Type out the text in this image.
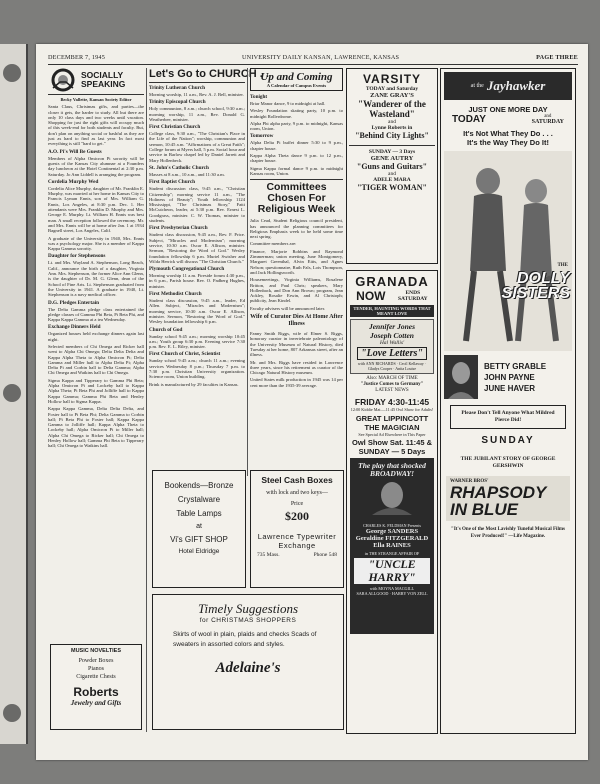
DECEMBER 7, 1945	UNIVERSITY DAILY KANSAN, LAWRENCE, KANSAS	PAGE THREE
SOCIALLY
SPEAKING
Becky Vallette, Kansan Society Editor

Santa Claus, Christmas gifts, and parties—the closer it gets, the harder to study. All but there are only 10 class days and two weeks until vacation. Shopping for just the right gifts will occupy much of this week-end for both students and faculty. But, don't plan on anything social or bashful as they are just as hard to find as last year. In fact most everything is still "hard to get."

A.O. Pi's Will Be Guests

Members of Alpha Omicron Pi sorority will be guests of the Kansas City alumnae at a Founders day luncheon at the Hotel Continental at 2:30 p.m. Saturday. Jo Ann Liddell is arranging the program.

Cordelia Murphy Wed

Cordelia Alice Murphy, daughter of Mr. Franklin E. Murphy, was married at her home in Kansas City to Francis Lyman Ennis, son of Mrs. William G. Ennis, Los Angeles, at 8:30 p.m. Dec. 1. Her attendants were Mrs. Franklin D. Murphy and Mrs. George E. Murphy. Lt. William H. Ennis was best man. A small reception followed the ceremony. Mr. and Mrs. Ennis will be at home after Jan. 1 at 1934 Bagnell street, Los Angeles, Calif.

A graduate of the University in 1940, Mrs. Ennis was a psychology major. She is a member of Kappa Kappa Gamma sorority.

Daughter for Stephensons

Lt. and Mrs. Wayland A. Stephenson, Long Beach, Calif., announce the birth of a daughter, Virginia Ann. Mrs. Stephenson, the former Alice Ann Glenn, is the daughter of Dr. M. G. Glenn, dean of the School of Fine Arts. Lt. Stephenson graduated from the University in 1941. A graduate in 1940, Lt. Stephenson is a navy medical officer.

D.G. Pledges Entertain

The Delta Gamma pledge class entertained the pledge classes of Gamma Phi Beta, Pi Beta Phi, and Kappa Kappa Gamma at a tea Wednesday.

Exchange Dinners Held

Organized houses held exchange dinners again last night.

Selected members of Chi Omega and Ricker hall went to Alpha Chi Omega; Delta Delta Delta and Kappa Alpha Theta to Alpha Omicron Pi; Delta Gamma and Miller hall to Alpha Delta Pi; Alpha Delta Pi and Corbin hall to Delta Gamma; Alpha Chi Omega and Watkins hall to Chi Omega.

Sigma Kappa and Tipperary to Gamma Phi Beta; Alpha Omicron Pi and Lockeby hall to Kappa Alpha Theta; Pi Beta Phi and Jolliffe hall to Kappa Kappa Gamma; Gamma Phi Beta and Henley Hollow hall to Sigma Kappa.

Kappa Kappa Gamma, Delta Delta Delta, and Foster hall to Pi Beta Phi; Delta Gamma to Corbin hall; Pi Beta Phi to Foster hall; Kappa Kappa Gamma to Jolliffe hall; Kappa Alpha Theta to Lockeby hall; Alpha Omicron Pi to Miller hall; Alpha Chi Omega to Ricker hall; Chi Omega to Henley Hollow hall; Gamma Phi Beta to Tipperary hall; Chi Omega to Watkins hall.

MUSIC NOVELTIES
Powder Boxes
Pianos
Cigarette Chests
Roberts
Jewelry and Gifts
Let's Go to CHURCH . .
Trinity Lutheran Church

Morning worship, 11 a.m., Rev. A. J. Bell, minister.

Trinity Episcopal Church

Holy communion, 8 a.m.; church school, 9:30 a.m.; morning worship, 11 a.m., Rev. Donald G. Weatherbee, minister.

First Christian Church

College class, 9:30 a.m., "The Christian's Place in the Life of the Nation"; worship, communion and sermon, 10:45 a.m. "Affirmations of a Great Faith"; College forum at Myers hall, 5 p.m. Social hour and service in Barlow chapel led by Daniel Jarrett and Mary Hollenbeck.

St. John's Catholic Church

Masses at 8 a.m., 10 a.m., and 11:30 a.m.

First Baptist Church

Student discussion class, 9:45 a.m., "Christian Citizenship"; morning service 11 a.m., "The Holiness of Beauty"; Youth fellowship 1124 Mississippi, "The Christmas Story," Fatti McCutcheon, leader, at 5:30 p.m. Rev. Ernest L. Goodgrass, minister. C. W. Thomas, minister to students.

First Presbyterian Church

Student class discussion, 9:45 a.m., Rev. F. Price. Subject, "Miracles and Modernism"; morning service, 10:30 a.m. Oscar E. Allison, minister. Sermon, "Restoring the Word of God." Wesley foundation fellowship 6 p.m. Muriel Swisher and Wilda Herrick will discuss "The Christian Church."

Plymouth Congregational Church

Morning worship 11 a.m. Fireside forum 4:30 p.m., in 6 p.m., Parish house. Rev. O. Padberg Hughes, minister.

First Methodist Church

Student class discussion, 9:45 a.m., leader, Ed Allen. Subject, "Miracles and Modernism"; morning service, 10:30 a.m. Oscar E. Allison, minister. Sermon, "Restoring the Word of God." Wesley foundation fellowship 6 p.m.

Church of God

Sunday school 9:45 a.m.; morning worship 10:45 a.m.; Youth group 6:30 p.m. Evening service 7:30 p.m. Rev. E. L. Riley, minister.

First Church of Christ, Scientist

Sunday school 9:45 a.m.; church 11 a.m.; evening services Wednesday 8 p.m.; Thursday 7 p.m. to 7:30 p.m. Christian University organization. Science room, Union building.

Brink is manufactured by 29 faculties in Kansas.

Up and Coming
A Calendar of Campus Events
Tonight

Briar Manor dance, 9 to midnight at hall.

Wesley Foundation skating party, 10 p.m. to midnight Rollerdrome.

Alpha Phi alpha party, 9 p.m. to midnight, Kansas room, Union.

Tomorrow

Alpha Delta Pi buffet dinner 5:30 to 9 p.m., chapter house.

Kappa Alpha Theta dance 9 p.m. to 12 p.m., chapter house.

Sigma Kappa formal dance 9 p.m. to midnight Kansas room, Union.

Committees Chosen For Religious Week

Julia Cead, Student Religious council president, has announced the planning committees for Religious Emphasis week to be held some time next spring.

Committee members are:

Finance, Marjorie Robbins and Raymond Zimmerman; union meeting, June Montgomery, Margaret Greenthal, Alvin Eitts, and Agnes Nelson; questionnaire, Ruth Fals, Lois Thompson, and Jack Hollingsworth.

Housemeetings, Virginia Williams, Rosalene Britton, and Paul Chris; speakers, Mary Hollenback, and Don Ann Brown; program, Jean Ackley, Rosalie Erwin, and Al Christoph; publicity, Jean Kindel.

Faculty advisers will be announced later.

Wife of Curator Dies At Home After Illness

Fanny Smith Riggs, wife of Elmer S. Riggs, honorary curator in invertebrate paleontology of the University Museum of Natural History, died Tuesday at her home, 807 Arkansas street, after an illness.

Mr. and Mrs. Riggs have resided in Lawrence three years, since his retirement as curator of the Chicago Natural History museum.

United States milk production in 1945 was 14 per cent more than the 1935-39 average.

Bookends—Bronze
Crystalware
Table Lamps
at
Vi's GIFT SHOP
Hotel Eldridge
Steel Cash Boxes
with lock and two keys—
Price
$200
Lawrence Typewriter Exchange
735 Mass.	Phone 548
Timely Suggestions
for CHRISTMAS SHOPPERS
Skirts of wool in plain, plaids and checks Scads of sweaters in assorted colors and styles.
Adelaine's
VARSITY
TODAY and Saturday
ZANE GRAY'S
"Wanderer of the Wasteland"
and
Lynne Roberts in
"Behind City Lights"
SUNDAY — 3 Days
GENE AUTRY
"Guns and Guitars"
and
ADELE MARA
"TIGER WOMAN"
GRANADA
NOW	ENDS SATURDAY
TENDER, HAUNTING WORDS THAT MEANT LOVE
Jennifer Jones
Joseph Cotten
Hal Wallis'
"Love Letters"
with ANN RICHARDS · Cecil Kellaway · Gladys Cooper · Anita Louise
Also: MARCH OF TIME
"Justice Comes to Germany"
LATEST NEWS
FRIDAY 4:30-11:45
12:00 Kiddie Mat.—11:45 Owl Show for Adults!
GREAT LIPPINCOTT THE MAGICIAN
See Special Ad Elsewhere in This Paper
Owl Show Sat. 11:45 & SUNDAY — 5 Days
The play that shocked BROADWAY!
CHARLES K. FELDMAN Presents
George SANDERS
Geraldine FITZGERALD
Ella RAINES
in THE STRANGE AFFAIR OF
"UNCLE HARRY"
with MOYNA MACGILL
SARA ALLGOOD · HARRY VON ZELL
at the Jayhawker
JUST ONE MORE DAY
TODAY	and
SATURDAY
It's Not What They Do . . .
It's the Way They Do It!
THE
DOLLY SISTERS
BETTY GRABLE
JOHN PAYNE
JUNE HAVER
Please Don't Tell Anyone What Mildred Pierce Did!
SUNDAY
THE JUBILANT STORY OF GEORGE GERSHWIN
WARNER BROS'
RHAPSODY IN BLUE
"It's One of the Most Lavishly Tuneful Musical Films Ever Produced!" —Life Magazine.
